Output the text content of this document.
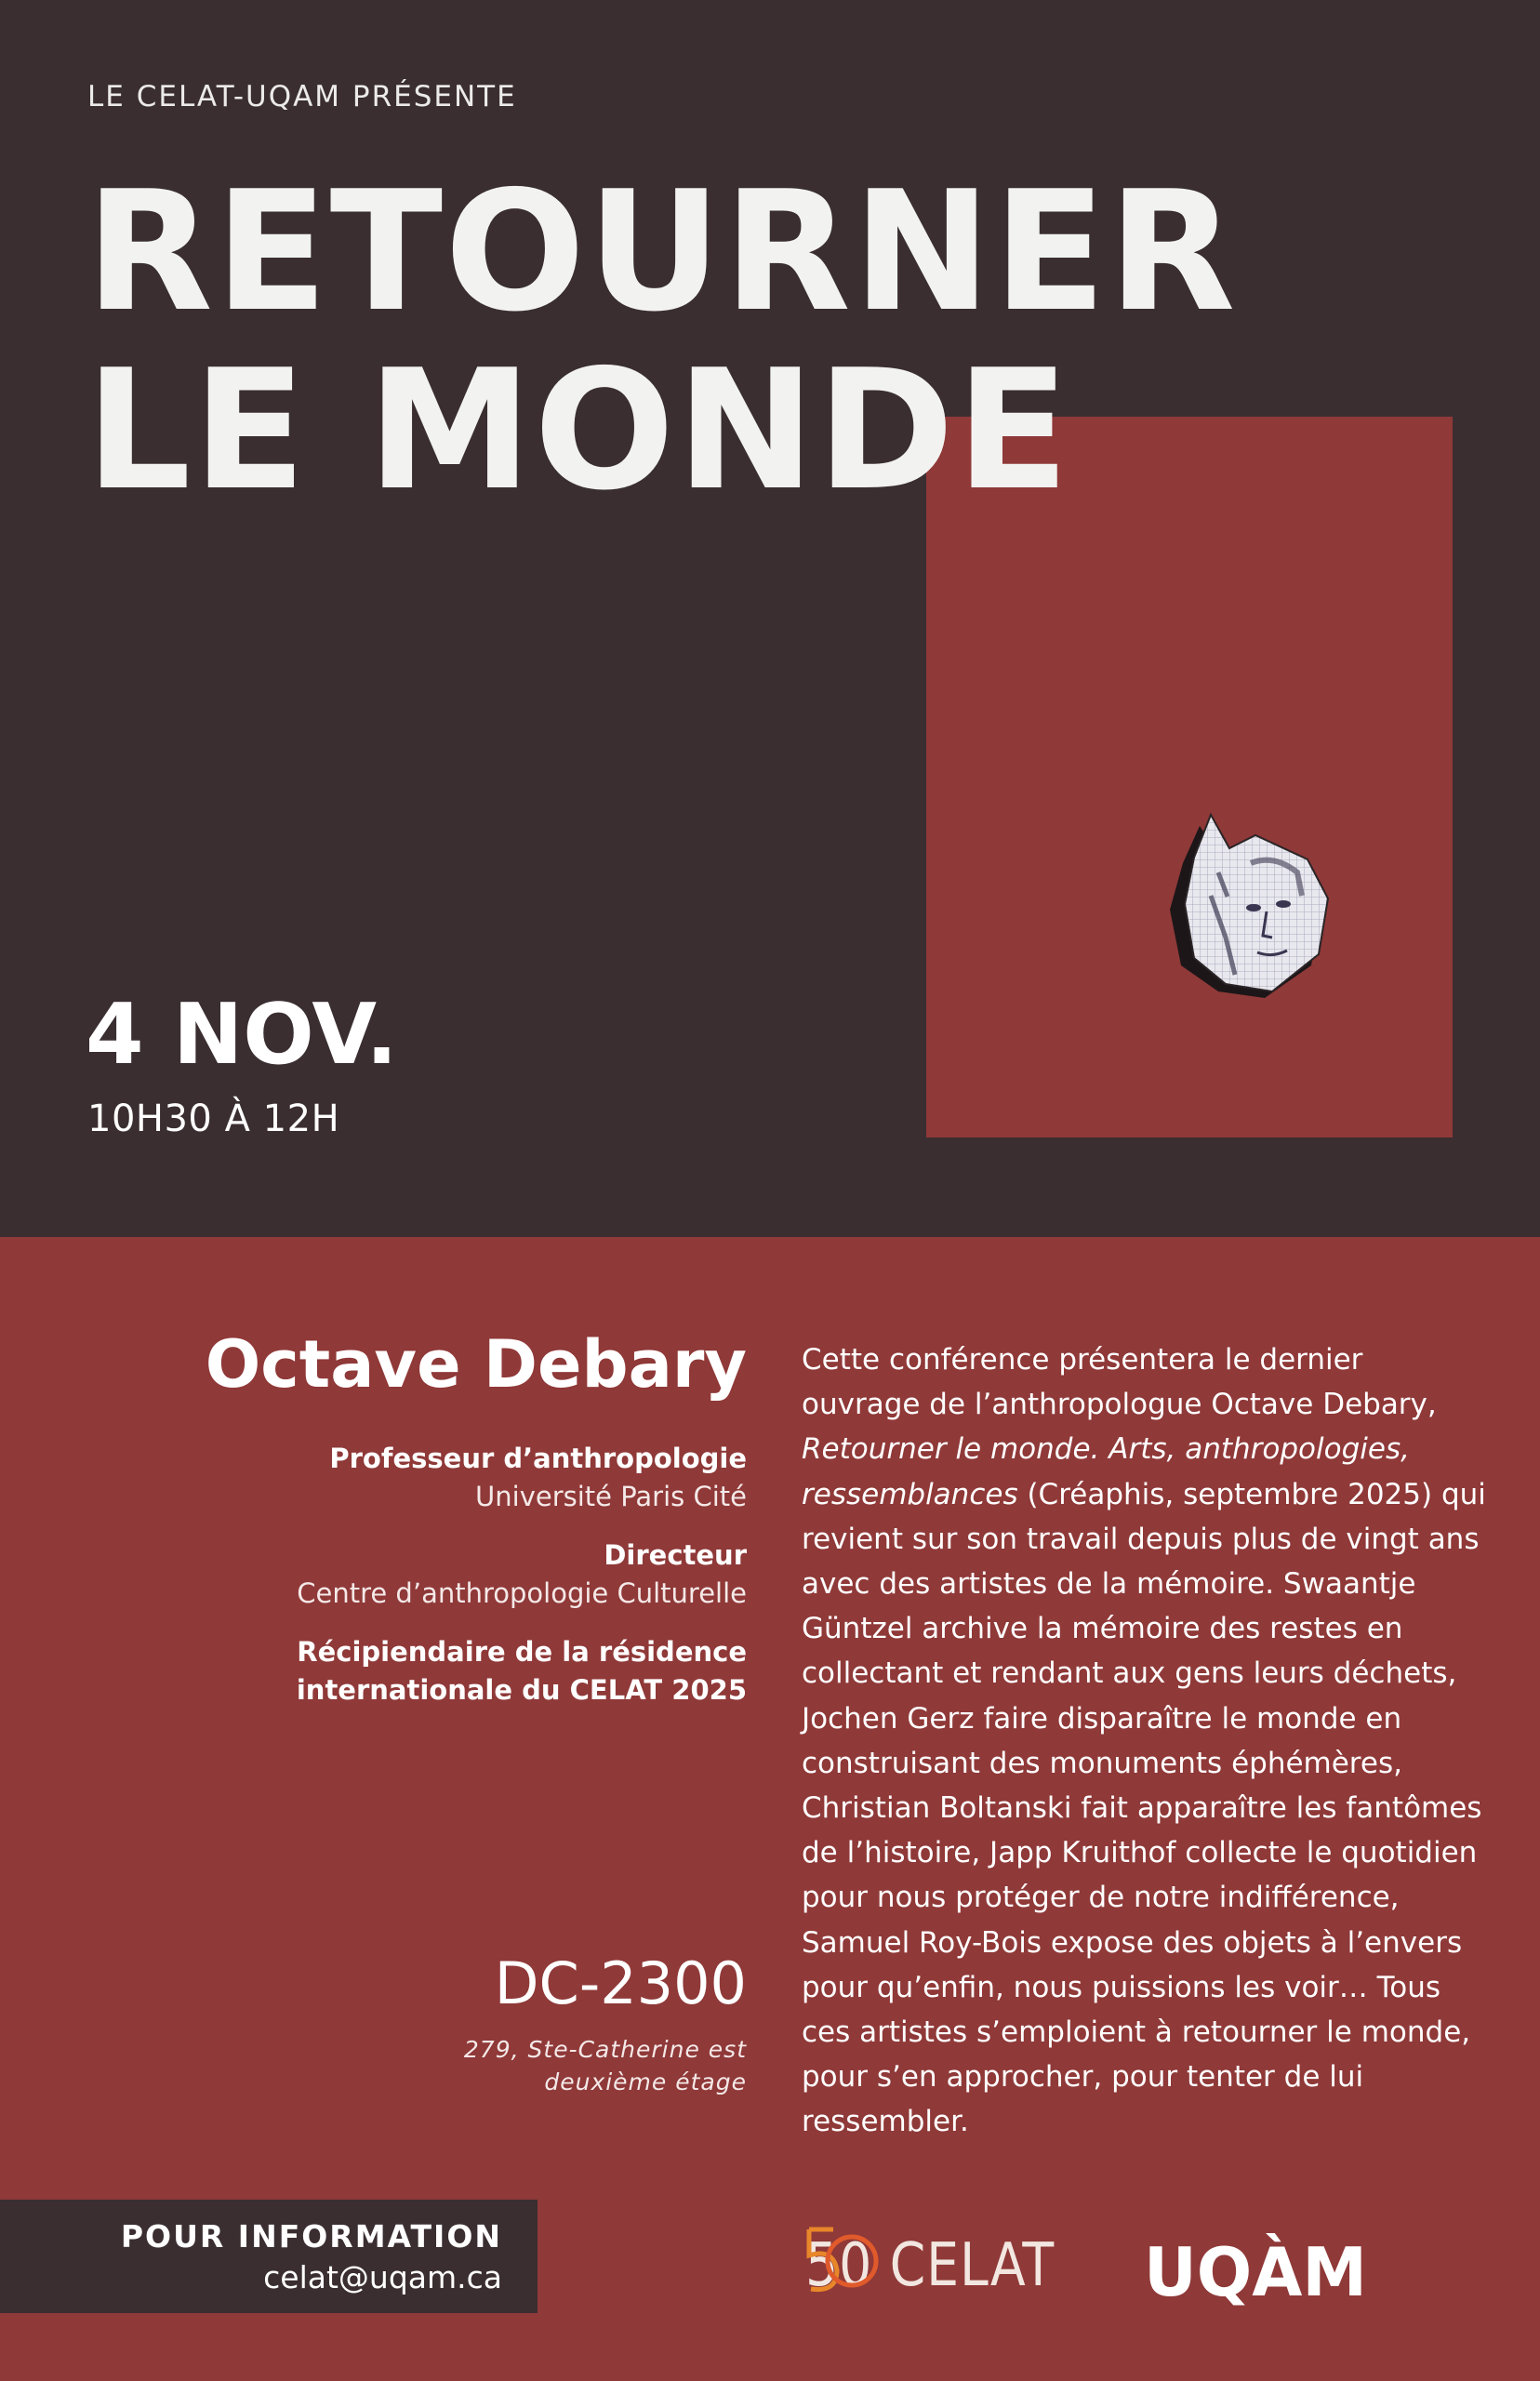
LE CELAT-UQAM PRÉSENTE
4 NOV.
10H30 À 12H
RETOURNER
LE MONDE
Octave Debary
Professeur d’anthropologie
Université Paris Cité
Directeur
Centre d’anthropologie Culturelle
Récipiendaire de la résidence
internationale du CELAT 2025
DC-2300
279, Ste-Catherine est
deuxième étage
Cette conférence présentera le dernier ouvrage de l’anthropologue Octave Debary, Retourner le monde. Arts, anthropologies, ressemblances (Créaphis, septembre 2025) qui revient sur son travail depuis plus de vingt ans avec des artistes de la mémoire. Swaantje Güntzel archive la mémoire des restes en collectant et rendant aux gens leurs déchets, Jochen Gerz faire disparaître le monde en construisant des monuments éphémères, Christian Boltanski fait apparaître les fantômes de l’histoire, Japp Kruithof collecte le quotidien pour nous protéger de notre indifférence, Samuel Roy-Bois expose des objets à l’envers pour qu’enfin, nous puissions les voir… Tous ces artistes s’emploient à retourner le monde, pour s’en approcher, pour tenter de lui ressembler.
POUR INFORMATION
celat@uqam.ca	50 CELAT UQÀM
